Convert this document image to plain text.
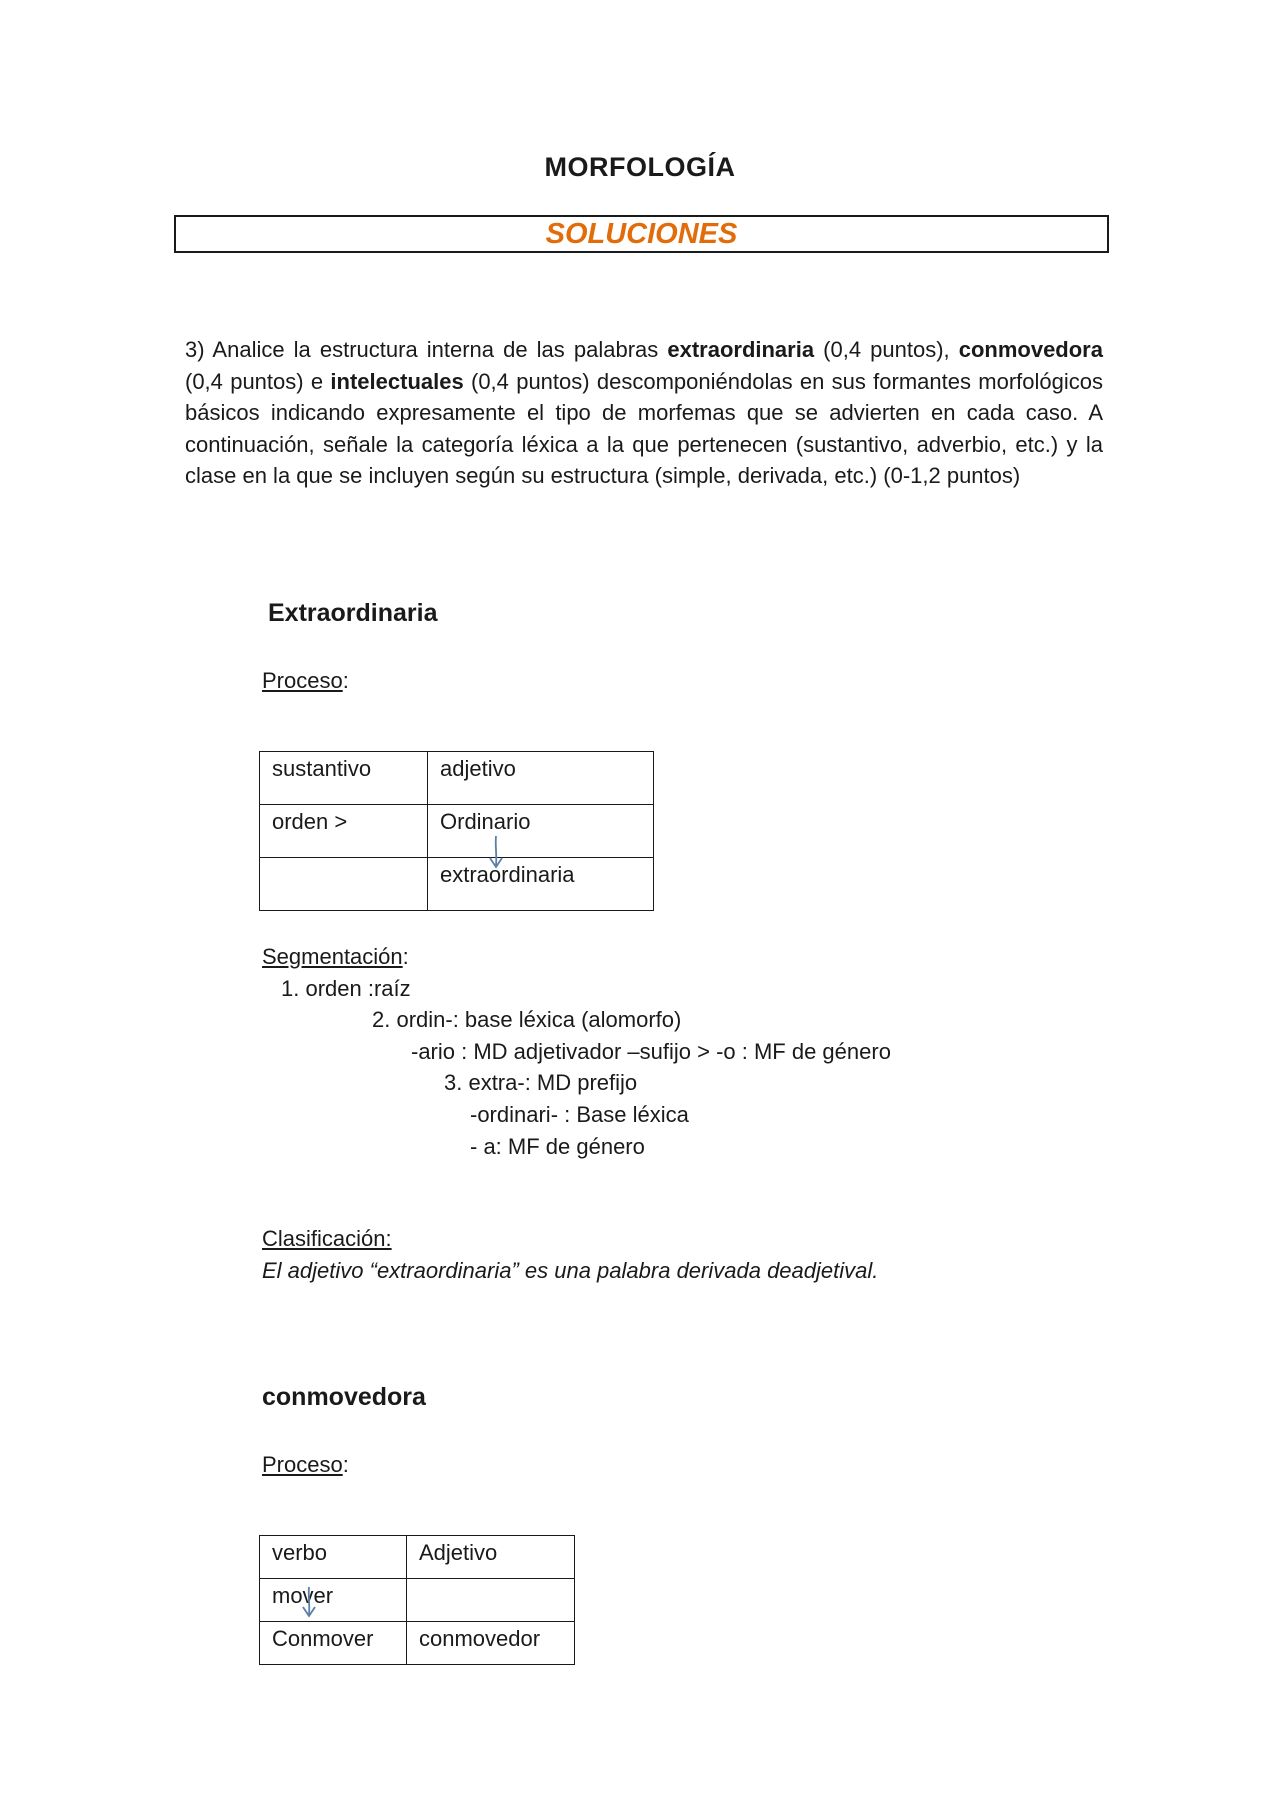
MORFOLOGÍA
SOLUCIONES
3) Analice la estructura interna de las palabras extraordinaria (0,4 puntos), conmovedora (0,4 puntos) e intelectuales (0,4 puntos) descomponiéndolas en sus formantes morfológicos básicos indicando expresamente el tipo de morfemas que se advierten en cada caso. A continuación, señale la categoría léxica a la que pertenecen (sustantivo, adverbio, etc.) y la clase en la que se incluyen según su estructura (simple, derivada, etc.) (0-1,2 puntos)
Extraordinaria
Proceso:
sustantivo	adjetivo
orden >	Ordinario
	extraordinaria
Segmentación:
1. orden :raíz
2. ordin-: base léxica (alomorfo)
-ario : MD adjetivador –sufijo > -o : MF de género
3. extra-: MD prefijo
-ordinari- : Base léxica
- a: MF de género
Clasificación:
El adjetivo “extraordinaria” es una palabra derivada deadjetival.
conmovedora
Proceso:
verbo	Adjetivo
mover	
Conmover	conmovedor
